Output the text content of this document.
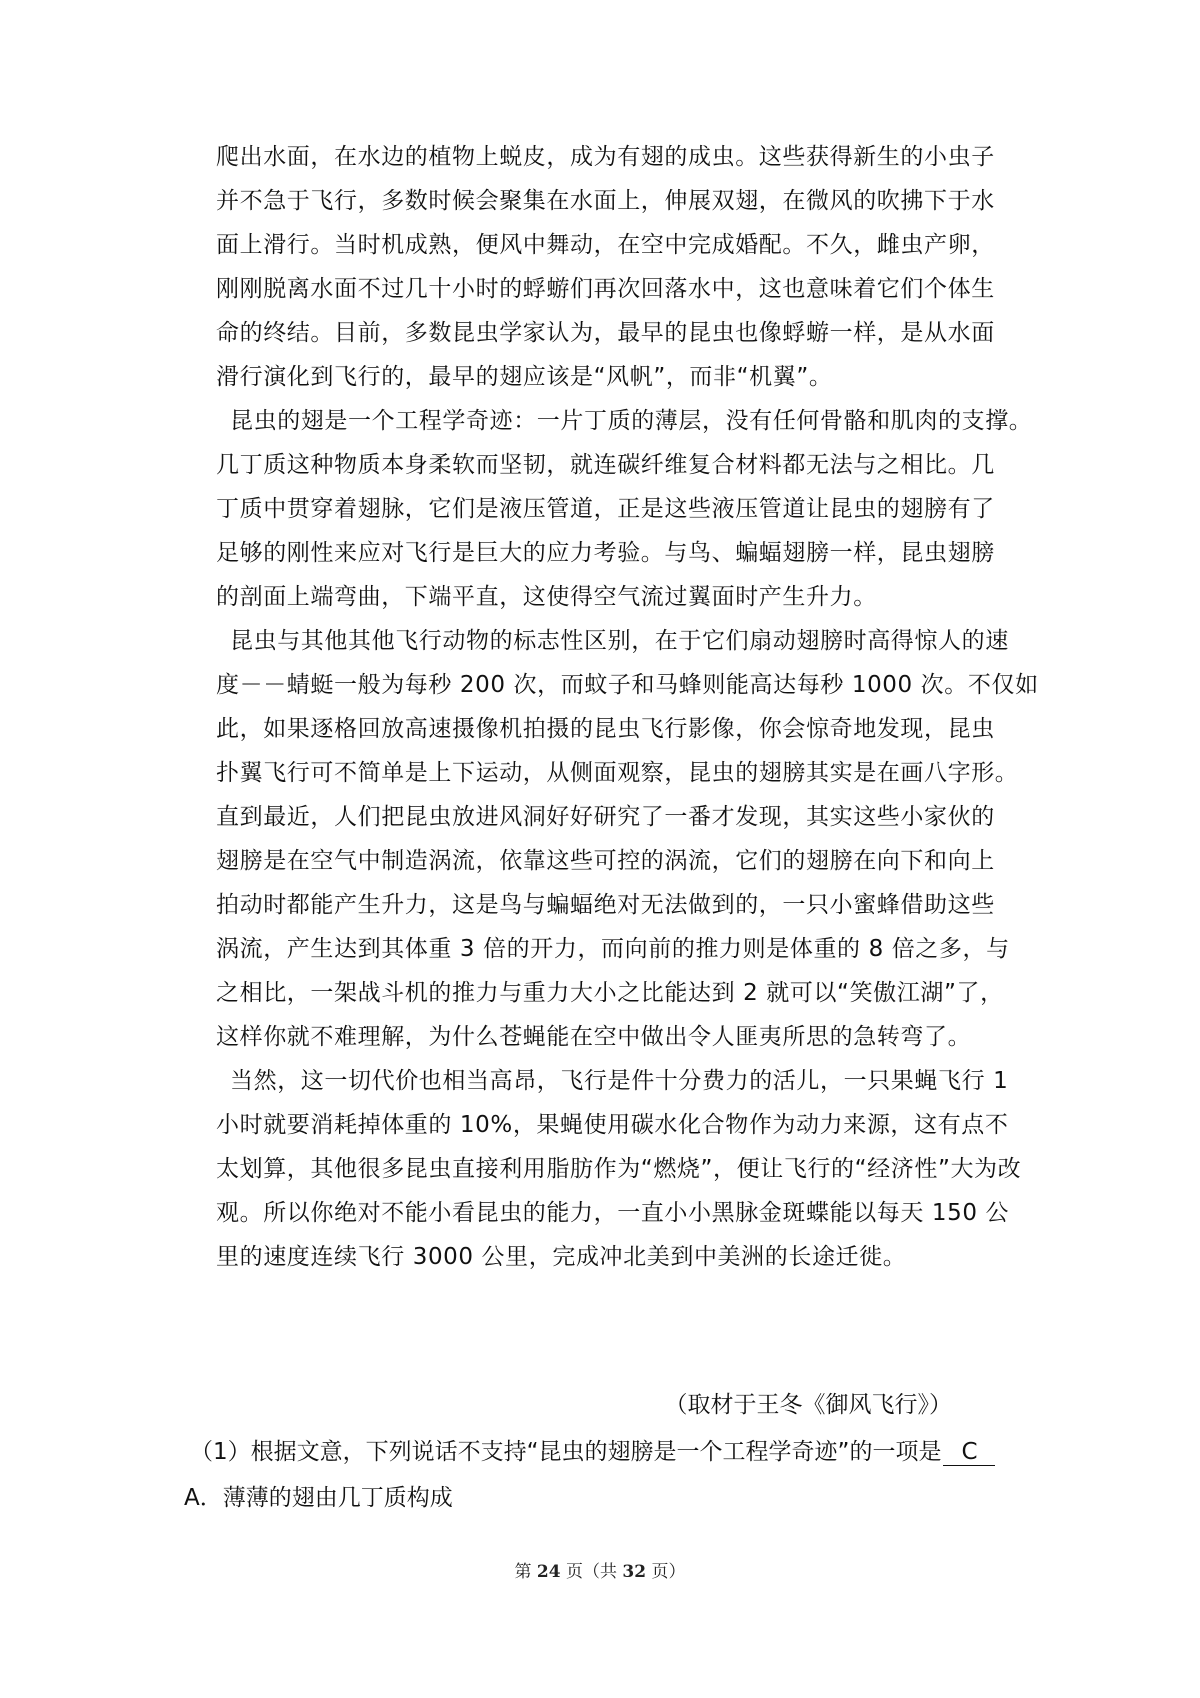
爬出水面，在水边的植物上蜕皮，成为有翅的成虫。这些获得新生的小虫子
并不急于飞行，多数时候会聚集在水面上，伸展双翅，在微风的吹拂下于水
面上滑行。当时机成熟，便风中舞动，在空中完成婚配。不久，雌虫产卵，
刚刚脱离水面不过几十小时的蜉蝣们再次回落水中，这也意味着它们个体生
命的终结。目前，多数昆虫学家认为，最早的昆虫也像蜉蝣一样，是从水面
滑行演化到飞行的，最早的翅应该是“风帆”，而非“机翼”。
昆虫的翅是一个工程学奇迹：一片丁质的薄层，没有任何骨骼和肌肉的支撑。
几丁质这种物质本身柔软而坚韧，就连碳纤维复合材料都无法与之相比。几
丁质中贯穿着翅脉，它们是液压管道，正是这些液压管道让昆虫的翅膀有了
足够的刚性来应对飞行是巨大的应力考验。与鸟、蝙蝠翅膀一样，昆虫翅膀
的剖面上端弯曲，下端平直，这使得空气流过翼面时产生升力。
昆虫与其他其他飞行动物的标志性区别，在于它们扇动翅膀时高得惊人的速
度－－蜻蜓一般为每秒 200 次，而蚊子和马蜂则能高达每秒 1000 次。不仅如
此，如果逐格回放高速摄像机拍摄的昆虫飞行影像，你会惊奇地发现，昆虫
扑翼飞行可不简单是上下运动，从侧面观察，昆虫的翅膀其实是在画八字形。
直到最近，人们把昆虫放进风洞好好研究了一番才发现，其实这些小家伙的
翅膀是在空气中制造涡流，依靠这些可控的涡流，它们的翅膀在向下和向上
拍动时都能产生升力，这是鸟与蝙蝠绝对无法做到的，一只小蜜蜂借助这些
涡流，产生达到其体重 3 倍的开力，而向前的推力则是体重的 8 倍之多，与
之相比，一架战斗机的推力与重力大小之比能达到 2 就可以“笑傲江湖”了，
这样你就不难理解，为什么苍蝇能在空中做出令人匪夷所思的急转弯了。
当然，这一切代价也相当高昂，飞行是件十分费力的活儿，一只果蝇飞行 1
小时就要消耗掉体重的 10%，果蝇使用碳水化合物作为动力来源，这有点不
太划算，其他很多昆虫直接利用脂肪作为“燃烧”，便让飞行的“经济性”大为改
观。所以你绝对不能小看昆虫的能力，一直小小黑脉金斑蝶能以每天 150 公
里的速度连续飞行 3000 公里，完成冲北美到中美洲的长途迁徙。
（取材于王冬《御风飞行》）
（1）根据文意，下列说话不支持“昆虫的翅膀是一个工程学奇迹”的一项是 C
A．薄薄的翅由几丁质构成
第 24 页（共 32 页）
